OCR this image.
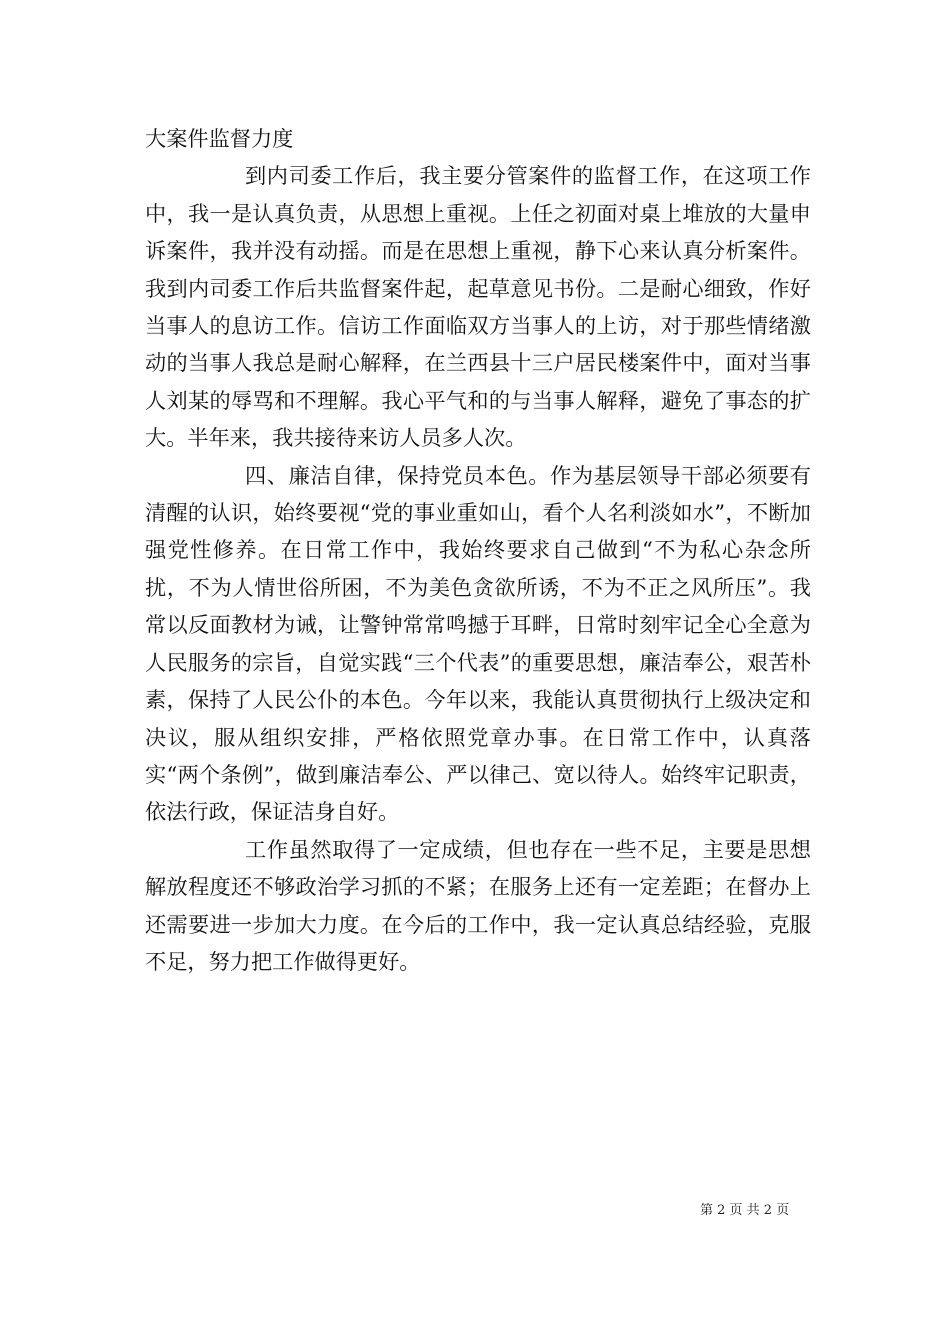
大案件监督力度

到内司委工作后，我主要分管案件的监督工作，在这项工作中，我一是认真负责，从思想上重视。上任之初面对桌上堆放的大量申诉案件，我并没有动摇。而是在思想上重视，静下心来认真分析案件。我到内司委工作后共监督案件起，起草意见书份。二是耐心细致，作好当事人的息访工作。信访工作面临双方当事人的上访，对于那些情绪激动的当事人我总是耐心解释，在兰西县十三户居民楼案件中，面对当事人刘某的辱骂和不理解。我心平气和的与当事人解释，避免了事态的扩大。半年来，我共接待来访人员多人次。

四、廉洁自律，保持党员本色。作为基层领导干部必须要有清醒的认识，始终要视“党的事业重如山，看个人名利淡如水”，不断加强党性修养。在日常工作中，我始终要求自己做到“不为私心杂念所扰，不为人情世俗所困，不为美色贪欲所诱，不为不正之风所压”。我常以反面教材为诫，让警钟常常鸣撼于耳畔，日常时刻牢记全心全意为人民服务的宗旨，自觉实践“三个代表”的重要思想，廉洁奉公，艰苦朴素，保持了人民公仆的本色。今年以来，我能认真贯彻执行上级决定和决议，服从组织安排，严格依照党章办事。在日常工作中，认真落实“两个条例”，做到廉洁奉公、严以律己、宽以待人。始终牢记职责，依法行政，保证洁身自好。

工作虽然取得了一定成绩，但也存在一些不足，主要是思想解放程度还不够政治学习抓的不紧；在服务上还有一定差距；在督办上还需要进一步加大力度。在今后的工作中，我一定认真总结经验，克服不足，努力把工作做得更好。

第 2 页 共 2 页
